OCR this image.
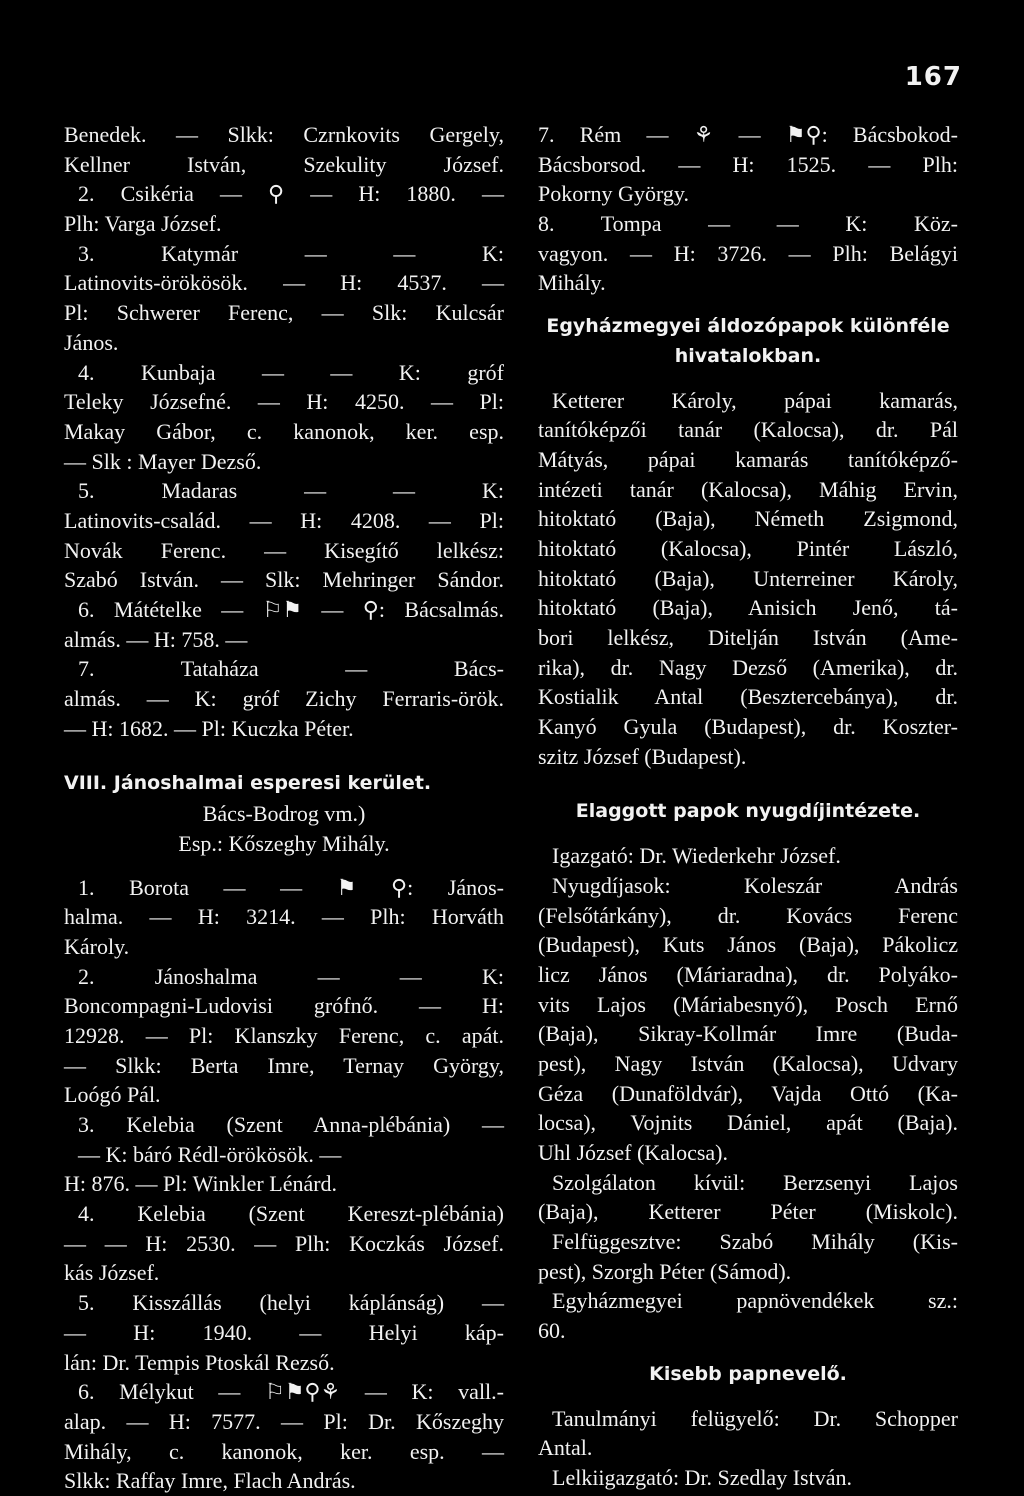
167
Benedek. — Slkk: Czrnkovits Gergely,
Kellner István, Szekulity József.
2. Csikéria — ⚲ — H: 1880. —
Plh: Varga József.
3. Katymár — — K:
Latinovits-örökösök. — H: 4537. —
Pl: Schwerer Ferenc, — Slk: Kulcsár
János.
4. Kunbaja — — K: gróf
Teleky Józsefné. — H: 4250. — Pl:
Makay Gábor, c. kanonok, ker. esp.
— Slk : Mayer Dezső.
5. Madaras — — K:
Latinovits-család. — H: 4208. — Pl:
Novák Ferenc. — Kisegítő lelkész:
Szabó István. — Slk: Mehringer Sándor.
6. Mátételke — ⚐⚑ — ⚲: Bácsalmás.
almás. — H: 758. —
7. Tataháza — Bács-
almás. — K: gróf Zichy Ferraris-örök.
— H: 1682. — Pl: Kuczka Péter.
VIII. Jánoshalmai esperesi kerület.
Bács-Bodrog vm.)
Esp.: Kőszeghy Mihály.
1. Borota — — ⚑ ⚲: János-
halma. — H: 3214. — Plh: Horváth
Károly.
2. Jánoshalma — — K:
Boncompagni-Ludovisi grófnő. — H:
12928. — Pl: Klanszky Ferenc, c. apát.
— Slkk: Berta Imre, Ternay György,
Loógó Pál.
3. Kelebia (Szent Anna-plébánia) —
— K: báró Rédl-örökösök. —
H: 876. — Pl: Winkler Lénárd.
4. Kelebia (Szent Kereszt-plébánia)
— — H: 2530. — Plh: Koczkás József.
kás József.
5. Kisszállás (helyi káplánság) —
— H: 1940. — Helyi káp-
lán: Dr. Tempis Ptoskál Rezső.
6. Mélykut — ⚐⚑⚲⚘ — K: vall.-
alap. — H: 7577. — Pl: Dr. Kőszeghy
Mihály, c. kanonok, ker. esp. —
Slkk: Raffay Imre, Flach András.
7. Rém — ⚘ — ⚑⚲: Bácsbokod-
Bácsborsod. — H: 1525. — Plh:
Pokorny György.
8. Tompa — — K: Köz-
vagyon. — H: 3726. — Plh: Belágyi
Mihály.
Egyházmegyei áldozópapok különféle
hivatalokban.
Ketterer Károly, pápai kamarás,
tanítóképzői tanár (Kalocsa), dr. Pál
Mátyás, pápai kamarás tanítóképző-
intézeti tanár (Kalocsa), Máhig Ervin,
hitoktató (Baja), Németh Zsigmond,
hitoktató (Kalocsa), Pintér László,
hitoktató (Baja), Unterreiner Károly,
hitoktató (Baja), Anisich Jenő, tá-
bori lelkész, Ditelján István (Ame-
rika), dr. Nagy Dezső (Amerika), dr.
Kostialik Antal (Besztercebánya), dr.
Kanyó Gyula (Budapest), dr. Koszter-
szitz József (Budapest).
Elaggott papok nyugdíjintézete.
Igazgató: Dr. Wiederkehr József.
Nyugdíjasok: Koleszár András
(Felsőtárkány), dr. Kovács Ferenc
(Budapest), Kuts János (Baja), Pákolicz
licz János (Máriaradna), dr. Polyáko-
vits Lajos (Máriabesnyő), Posch Ernő
(Baja), Sikray-Kollmár Imre (Buda-
pest), Nagy István (Kalocsa), Udvary
Géza (Dunaföldvár), Vajda Ottó (Ka-
locsa), Vojnits Dániel, apát (Baja).
Uhl József (Kalocsa).
Szolgálaton kívül: Berzsenyi Lajos
(Baja), Ketterer Péter (Miskolc).
Felfüggesztve: Szabó Mihály (Kis-
pest), Szorgh Péter (Sámod).
Egyházmegyei papnövendékek sz.:
60.
Kisebb papnevelő.
Tanulmányi felügyelő: Dr. Schopper
Antal.
Lelkiigazgató: Dr. Szedlay István.
